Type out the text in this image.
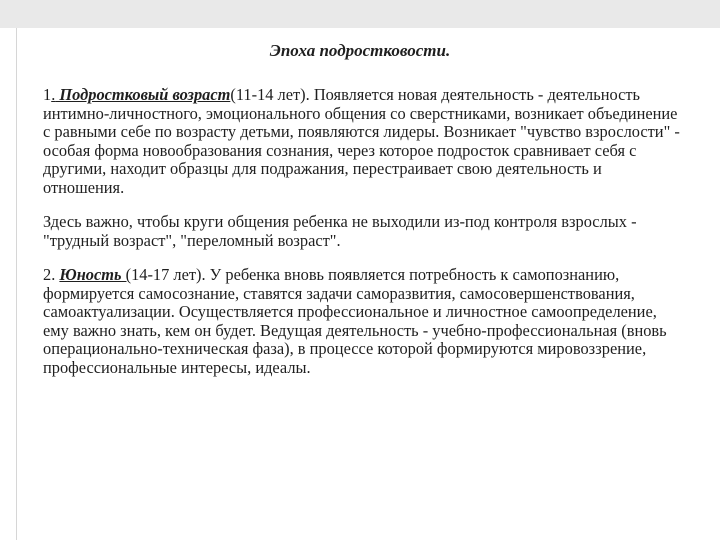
Эпоха подростковости.

1. Подростковый возраст(11-14 лет). Появляется новая деятельность - деятельность интимно-личностного, эмоционального общения со сверстниками, возникает объединение с равными себе по возрасту детьми, появляются лидеры. Возникает "чувство взрослости" - особая форма новообразования сознания, через которое подросток сравнивает себя с другими, находит образцы для подражания, перестраивает свою деятельность и отношения.

Здесь важно, чтобы круги общения ребенка не выходили из-под контроля взрослых - "трудный возраст", "переломный возраст".

2. Юность (14-17 лет). У ребенка вновь появляется потребность к самопознанию, формируется самосознание, ставятся задачи саморазвития, самосовершенствования, самоактуализации. Осуществляется профессиональное и личностное самоопределение, ему важно знать, кем он будет. Ведущая деятельность - учебно-профессиональная (вновь операционально-техническая фаза), в процессе которой формируются мировоззрение, профессиональные интересы, идеалы.
